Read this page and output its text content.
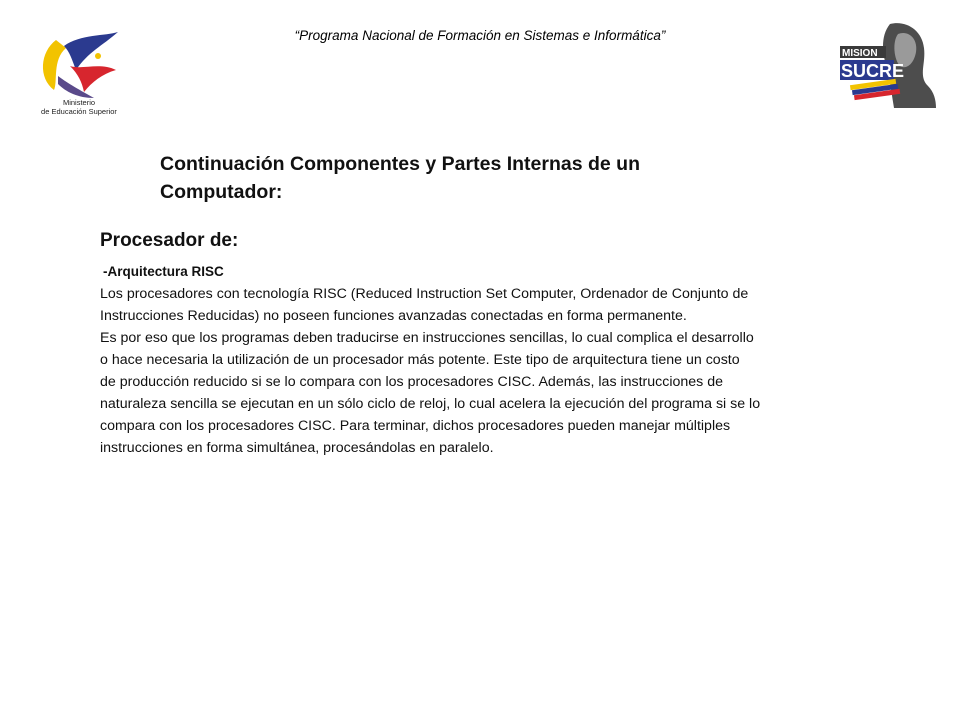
“Programa Nacional de Formación en Sistemas e Informática”
Ministerio
de Educación Superior
MISION
SUCRE
Continuación Componentes y Partes Internas de un Computador:
Procesador de:
-Arquitectura RISC
Los procesadores con tecnología RISC (Reduced Instruction Set Computer, Ordenador de Conjunto de
Instrucciones Reducidas) no poseen funciones avanzadas conectadas en forma permanente.
Es por eso que los programas deben traducirse en instrucciones sencillas, lo cual complica el desarrollo
o hace necesaria la utilización de un procesador más potente. Este tipo de arquitectura tiene un costo
de producción reducido si se lo compara con los procesadores CISC. Además, las instrucciones de
naturaleza sencilla se ejecutan en un sólo ciclo de reloj, lo cual acelera la ejecución del programa si se lo
compara con los procesadores CISC. Para terminar, dichos procesadores pueden manejar múltiples
instrucciones en forma simultánea, procesándolas en paralelo.
